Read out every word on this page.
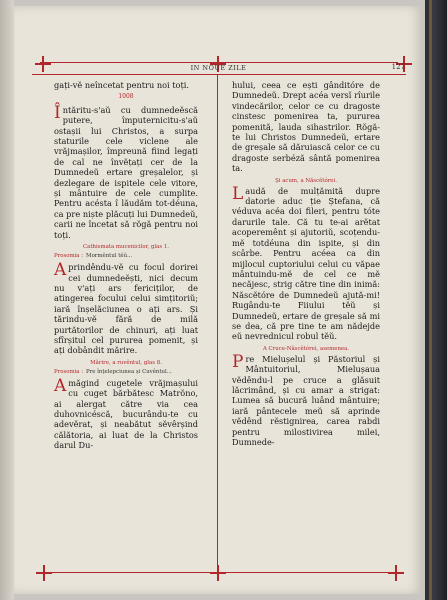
IN NOUE ZILE	127

gați-vĕ neîncetat pentru noi toți.

1008

Întăritu-s'aŭ cu dumnedeĕscă putere, împuternicitu-s'aŭ ostașii lui Christos, a surpa staturile cele viclene ale vrăjmașilor, împreună fiind legați de cal ne învĕțați cer de la Dumnedeŭ ertare greșalelor, și dezlegare de ispitele cele vitore, și mântuire de cele cumplite. Pentru acésta î lăudăm tot-déuna, ca pre niște plăcuți lui Dumnedeŭ, carii ne încetat să rŏgă pentru noi toți.

Cathismata mucenicilor, glas 1.
Prosomia : Mormêntul tĕŭ...

Aprindêndu-vĕ cu focul dorirei cei dumnedeĕști, nici decum nu v'ați ars fericiților, de atingerea focului celui simțitoriŭ; iară înșelăciunea o ați ars. Și tărindu-vĕ fără de milă purtătorilor de chinuri, ați luat sfîrșitul cel pururea pomenit, și ați dobândit mărire.

Mărire, a ruvêntul, glas 8.
Prosomia : Pre înțelepciunea și Cuvêntul...

Amăgind cugetele vrăjmașului cu cuget bărbătesc Matrŏno, ai alergat către via cea duhovnicéscă, bucurându-te cu adevĕrat, și neabătut sĕvêrșind călătoria, ai luat de la Christos darul Du-

hului, ceea ce ești gânditóre de Dumnedeŭ. Drept acéa versĭ rîurile vindecărilor, celor ce cu dragoste cinstesc pomenirea ta, pururea pomenită, lauda sihastrilor. Rŏgă-te lui Christos Dumnedeŭ, ertare de greșale să dăruiască celor ce cu dragoste serbéză sântă pomenirea ta.

Și acum, a Născĕtórei.

Laudă de mulțămită dupre datorie aduc ție Ștefana, că véduva acéa doi fileri, pentru tóte darurile tale. Că tu te-ai arĕtat acoperemênt și ajutoriŭ, scoțendu-mĕ totdéuna din ispite, și din scârbe. Pentru acéea ca din mijlocul cuptoriului celui cu văpae mântuindu-mĕ de cel ce mĕ necăjesc, strig către tine din inimă: Născĕtóre de Dumnedeŭ ajută-mi! Rugându-te Fiiului tĕŭ și Dumnedeŭ, ertare de greșale să mi se dea, că pre tine te am nădejde eŭ nevrednicul robul tĕŭ.

A Cruce-Născĕtórei, asemenea.

Pre Mielușelul și Păstoriul și Mântuitoriul, Mielușaua vĕdêndu-l pe cruce a glăsuit lăcrimând, și cu amar a strigat: Lumea să bucură luând mântuire; iară pântecele meŭ să aprinde vĕdênd rĕstignirea, carea rabdi pentru milostivirea milei, Dumnede-
